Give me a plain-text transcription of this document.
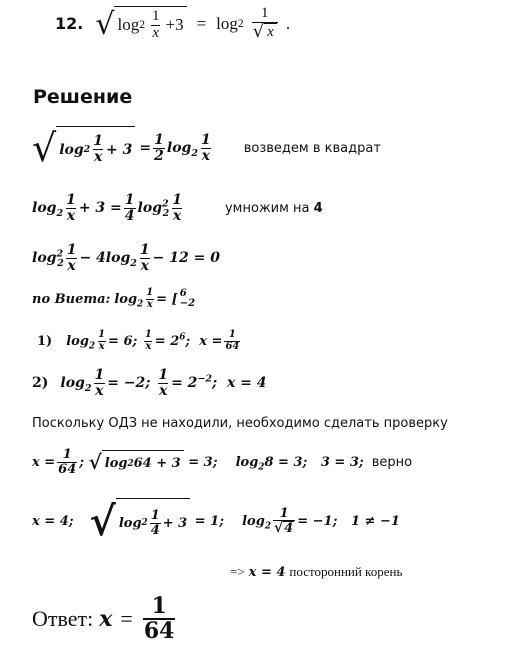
12. √ $\log 2 \frac{1}{x} +3 = \log 2 \frac{1}{√ x}$ .
Решение
√ $\log 2 \frac{1}{x} + 3 = \frac{1}{2} \log_2 \frac{1}{x}$ возведем в квадрат
$\log_2 \frac{1}{x} + 3 = \frac{1}{4} \log^2_2 \frac{1}{x}$	умножим на 4
$\log^2_2 \frac{1}{x} - 4\log_2 \frac{1}{x} - 12 = 0$
по Виета: $\log_2 \frac{1}{x}$ = [ 6
−2
1) $\log_2 \frac{1}{x} = 6$; $\frac{1}{x} = 2^6$;  $x = \frac{1}{64}$
2) $\log_2 \frac{1}{x} = -2$; $\frac{1}{x} = 2^{-2}$;  x = 4
Поскольку ОДЗ не находили, необходимо сделать проверку
$x = \frac{1}{64}$ ; √ log 2 64 + 3 = 3;    $\log_28 = 3$;   3 = 3; верно
x = 4; √ $\log 2 \frac{1}{4} + 3 = 1$;    $\log_2 \frac{1}{√ 4} = -1$;   1 ≠ −1
=> x = 4 посторонний корень
Ответ: $x = \frac{1}{64}$
